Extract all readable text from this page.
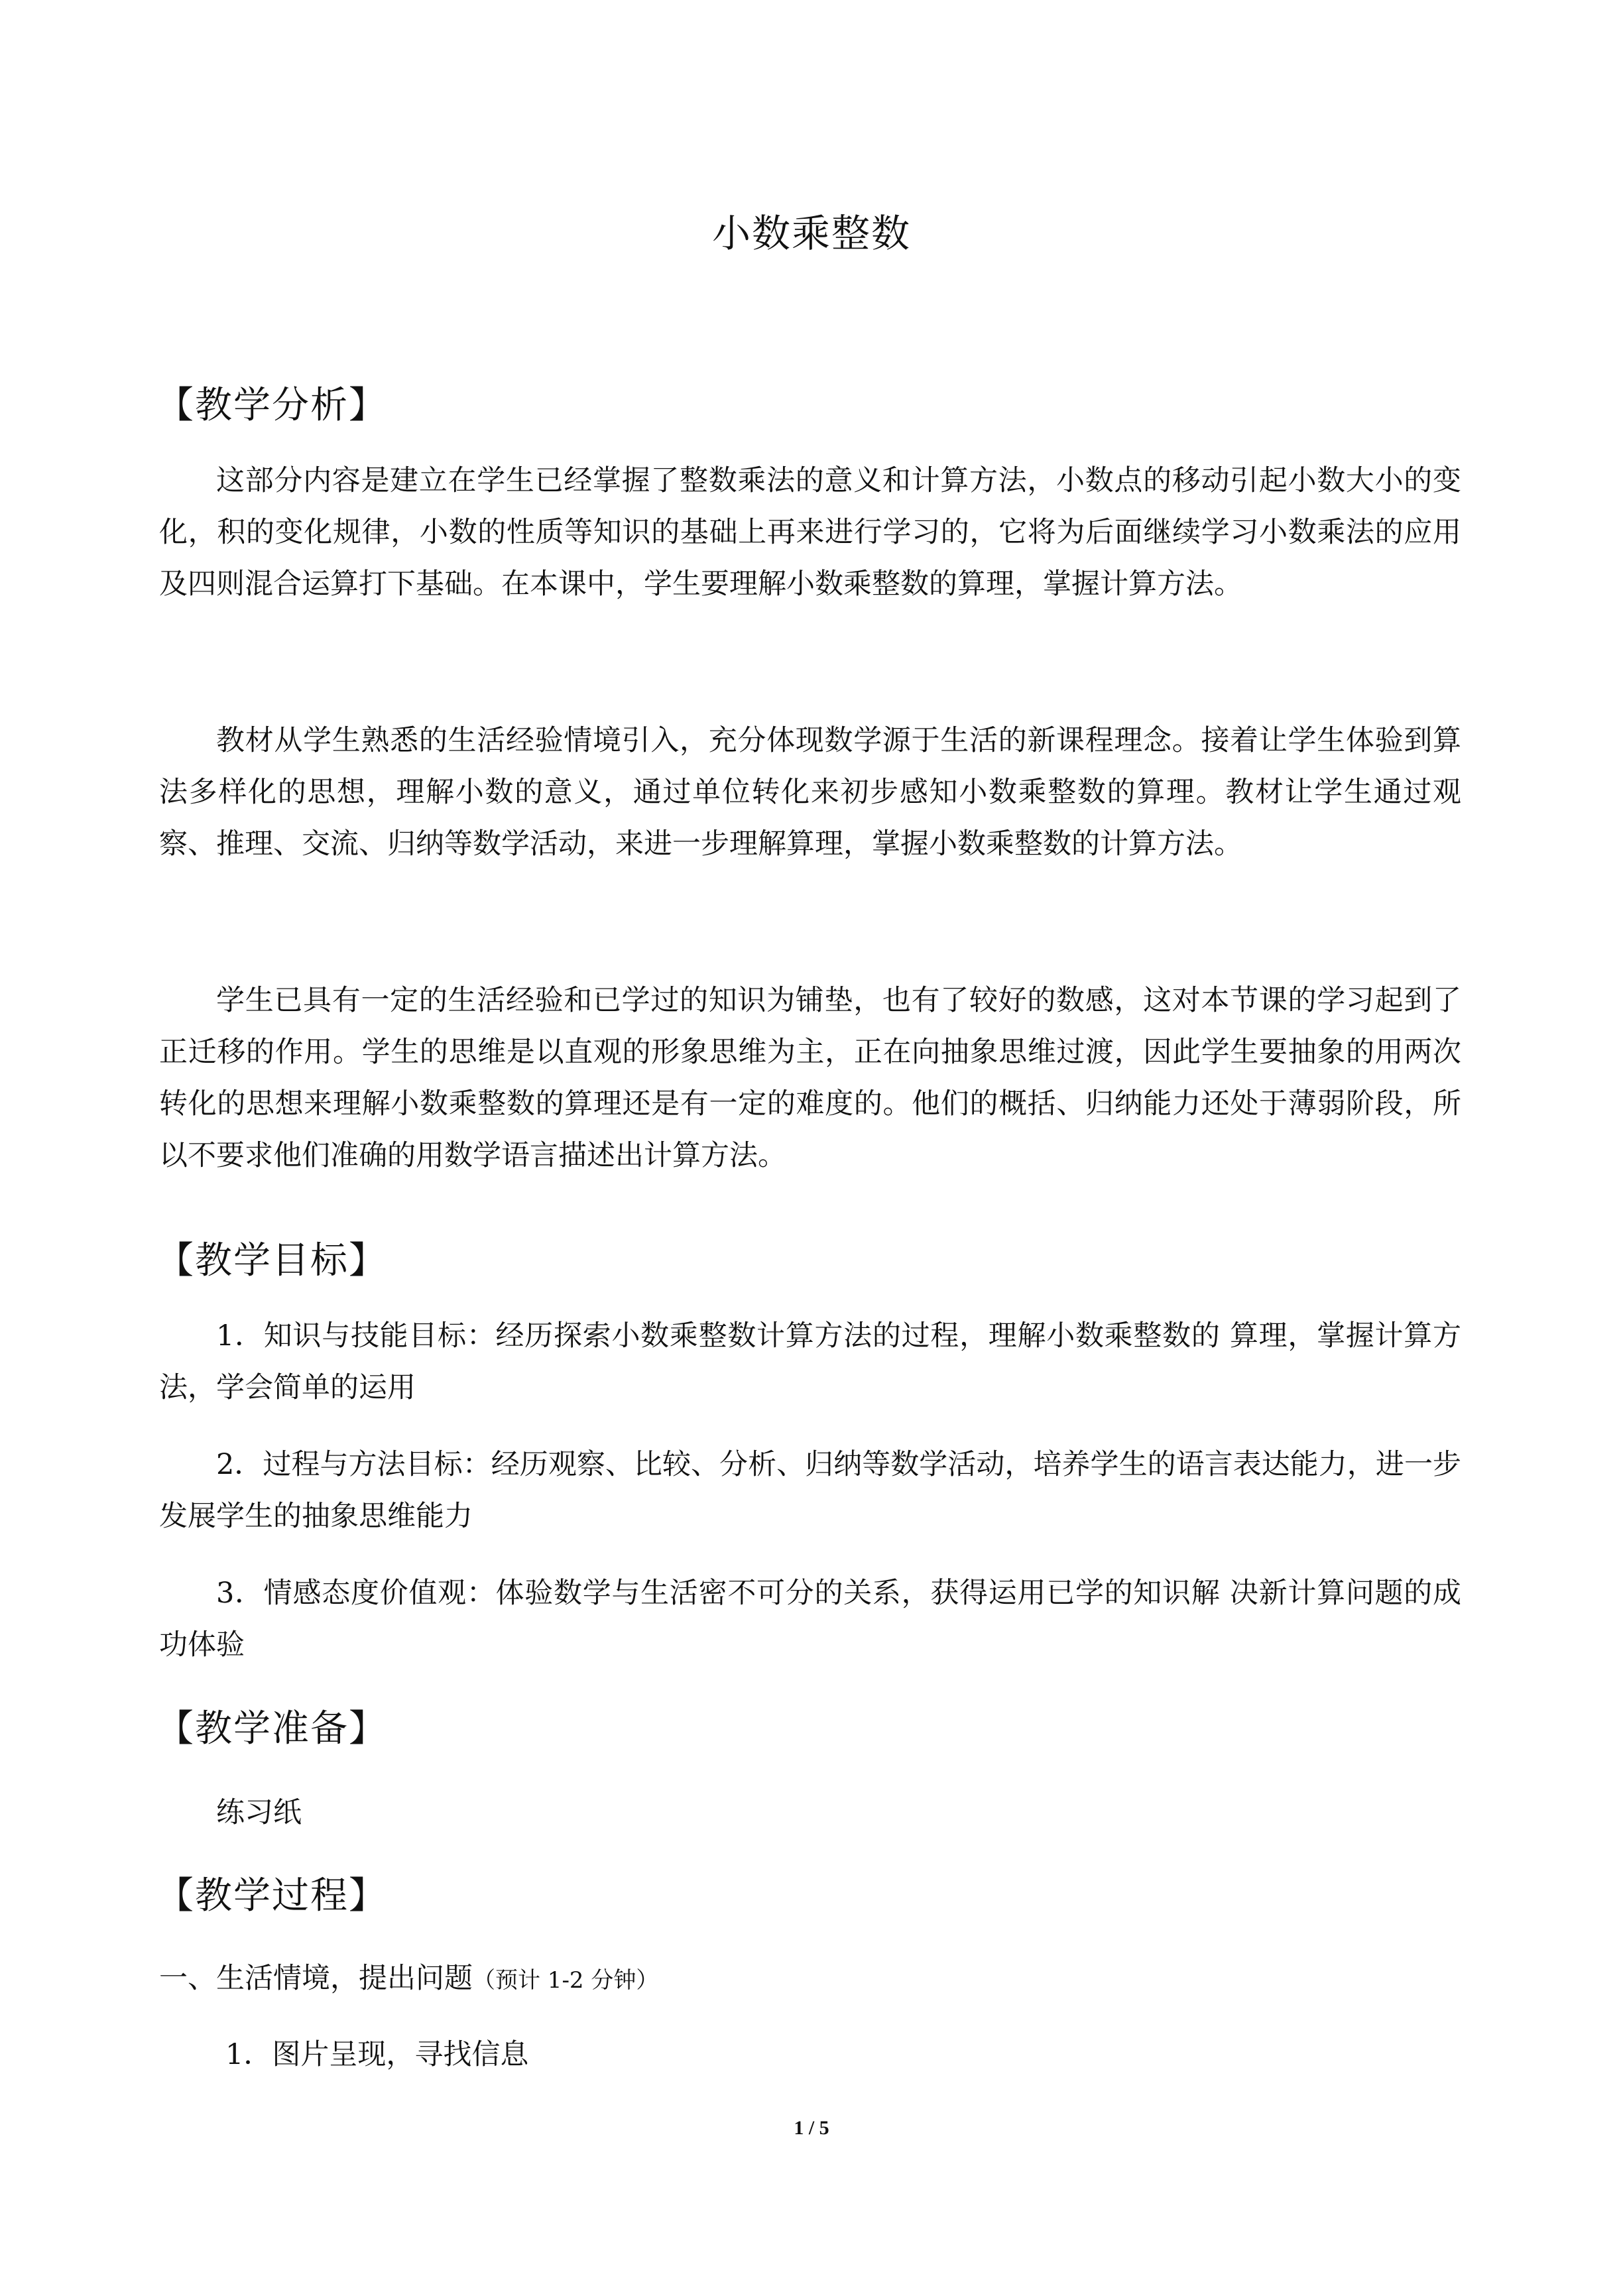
小数乘整数
【教学分析】

这部分内容是建立在学生已经掌握了整数乘法的意义和计算方法，小数点的移动引起小数大小的变化，积的变化规律，小数的性质等知识的基础上再来进行学习的，它将为后面继续学习小数乘法的应用及四则混合运算打下基础。在本课中，学生要理解小数乘整数的算理，掌握计算方法。

教材从学生熟悉的生活经验情境引入，充分体现数学源于生活的新课程理念。接着让学生体验到算法多样化的思想，理解小数的意义，通过单位转化来初步感知小数乘整数的算理。教材让学生通过观察、推理、交流、归纳等数学活动，来进一步理解算理，掌握小数乘整数的计算方法。

学生已具有一定的生活经验和已学过的知识为铺垫，也有了较好的数感，这对本节课的学习起到了正迁移的作用。学生的思维是以直观的形象思维为主，正在向抽象思维过渡，因此学生要抽象的用两次转化的思想来理解小数乘整数的算理还是有一定的难度的。他们的概括、归纳能力还处于薄弱阶段，所以不要求他们准确的用数学语言描述出计算方法。

【教学目标】

1．知识与技能目标：经历探索小数乘整数计算方法的过程，理解小数乘整数的 算理，掌握计算方法，学会简单的运用

2．过程与方法目标：经历观察、比较、分析、归纳等数学活动，培养学生的语言表达能力，进一步发展学生的抽象思维能力

3．情感态度价值观：体验数学与生活密不可分的关系，获得运用已学的知识解 决新计算问题的成功体验

【教学准备】
练习纸
【教学过程】
一、生活情境，提出问题（预计 1-2 分钟）
1．图片呈现，寻找信息
1 / 5
